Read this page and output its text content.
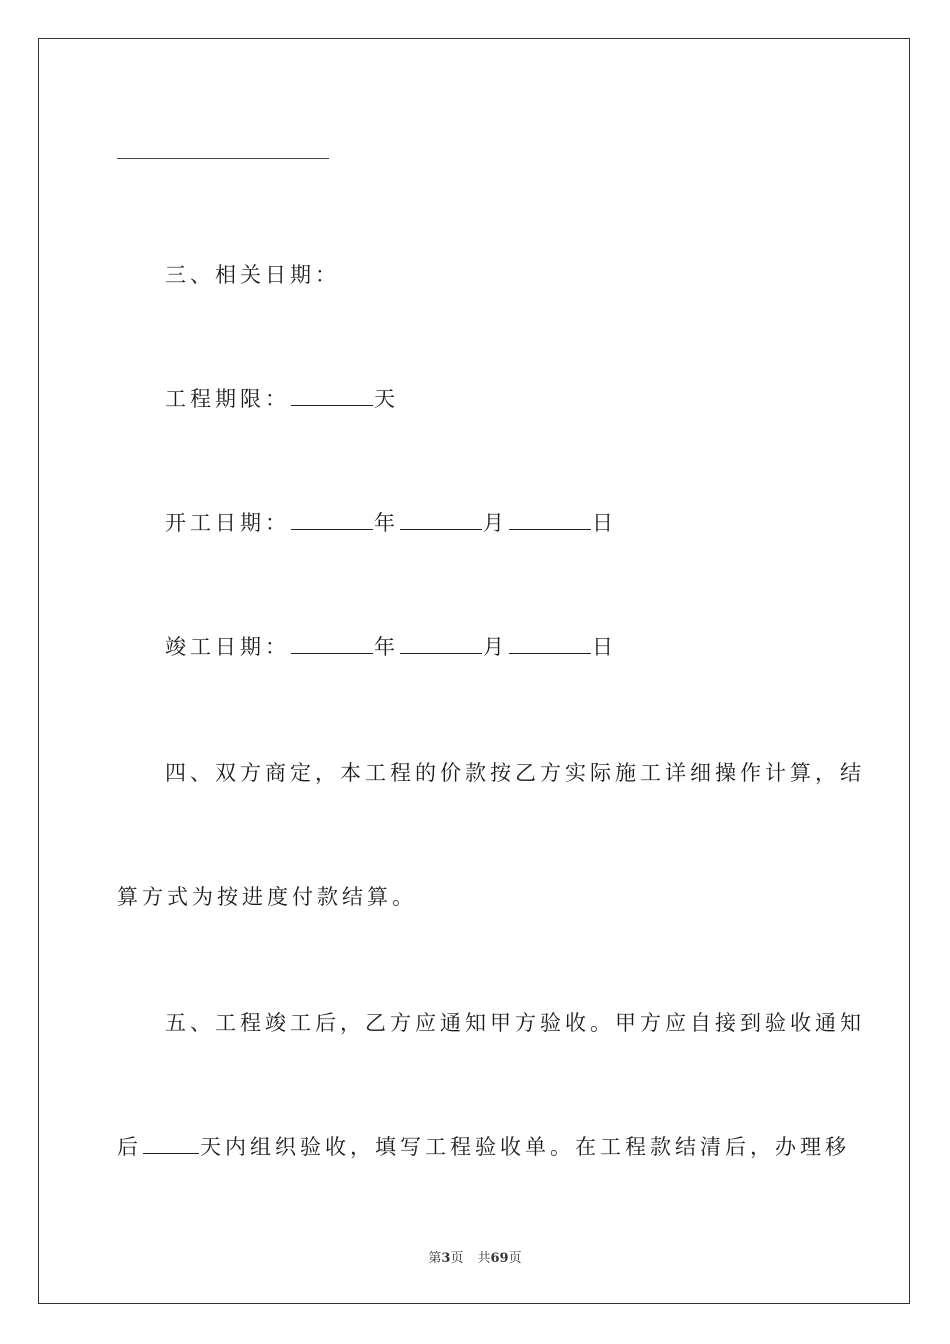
三、相关日期：
工程期限：	天
开工日期：	年	月	日
竣工日期：	年	月	日
四、双方商定，本工程的价款按乙方实际施工详细操作计算，结
算方式为按进度付款结算。
五、工程竣工后，乙方应通知甲方验收。甲方应自接到验收通知
后	天内组织验收，填写工程验收单。在工程款结清后，办理移
第3页 共69页
